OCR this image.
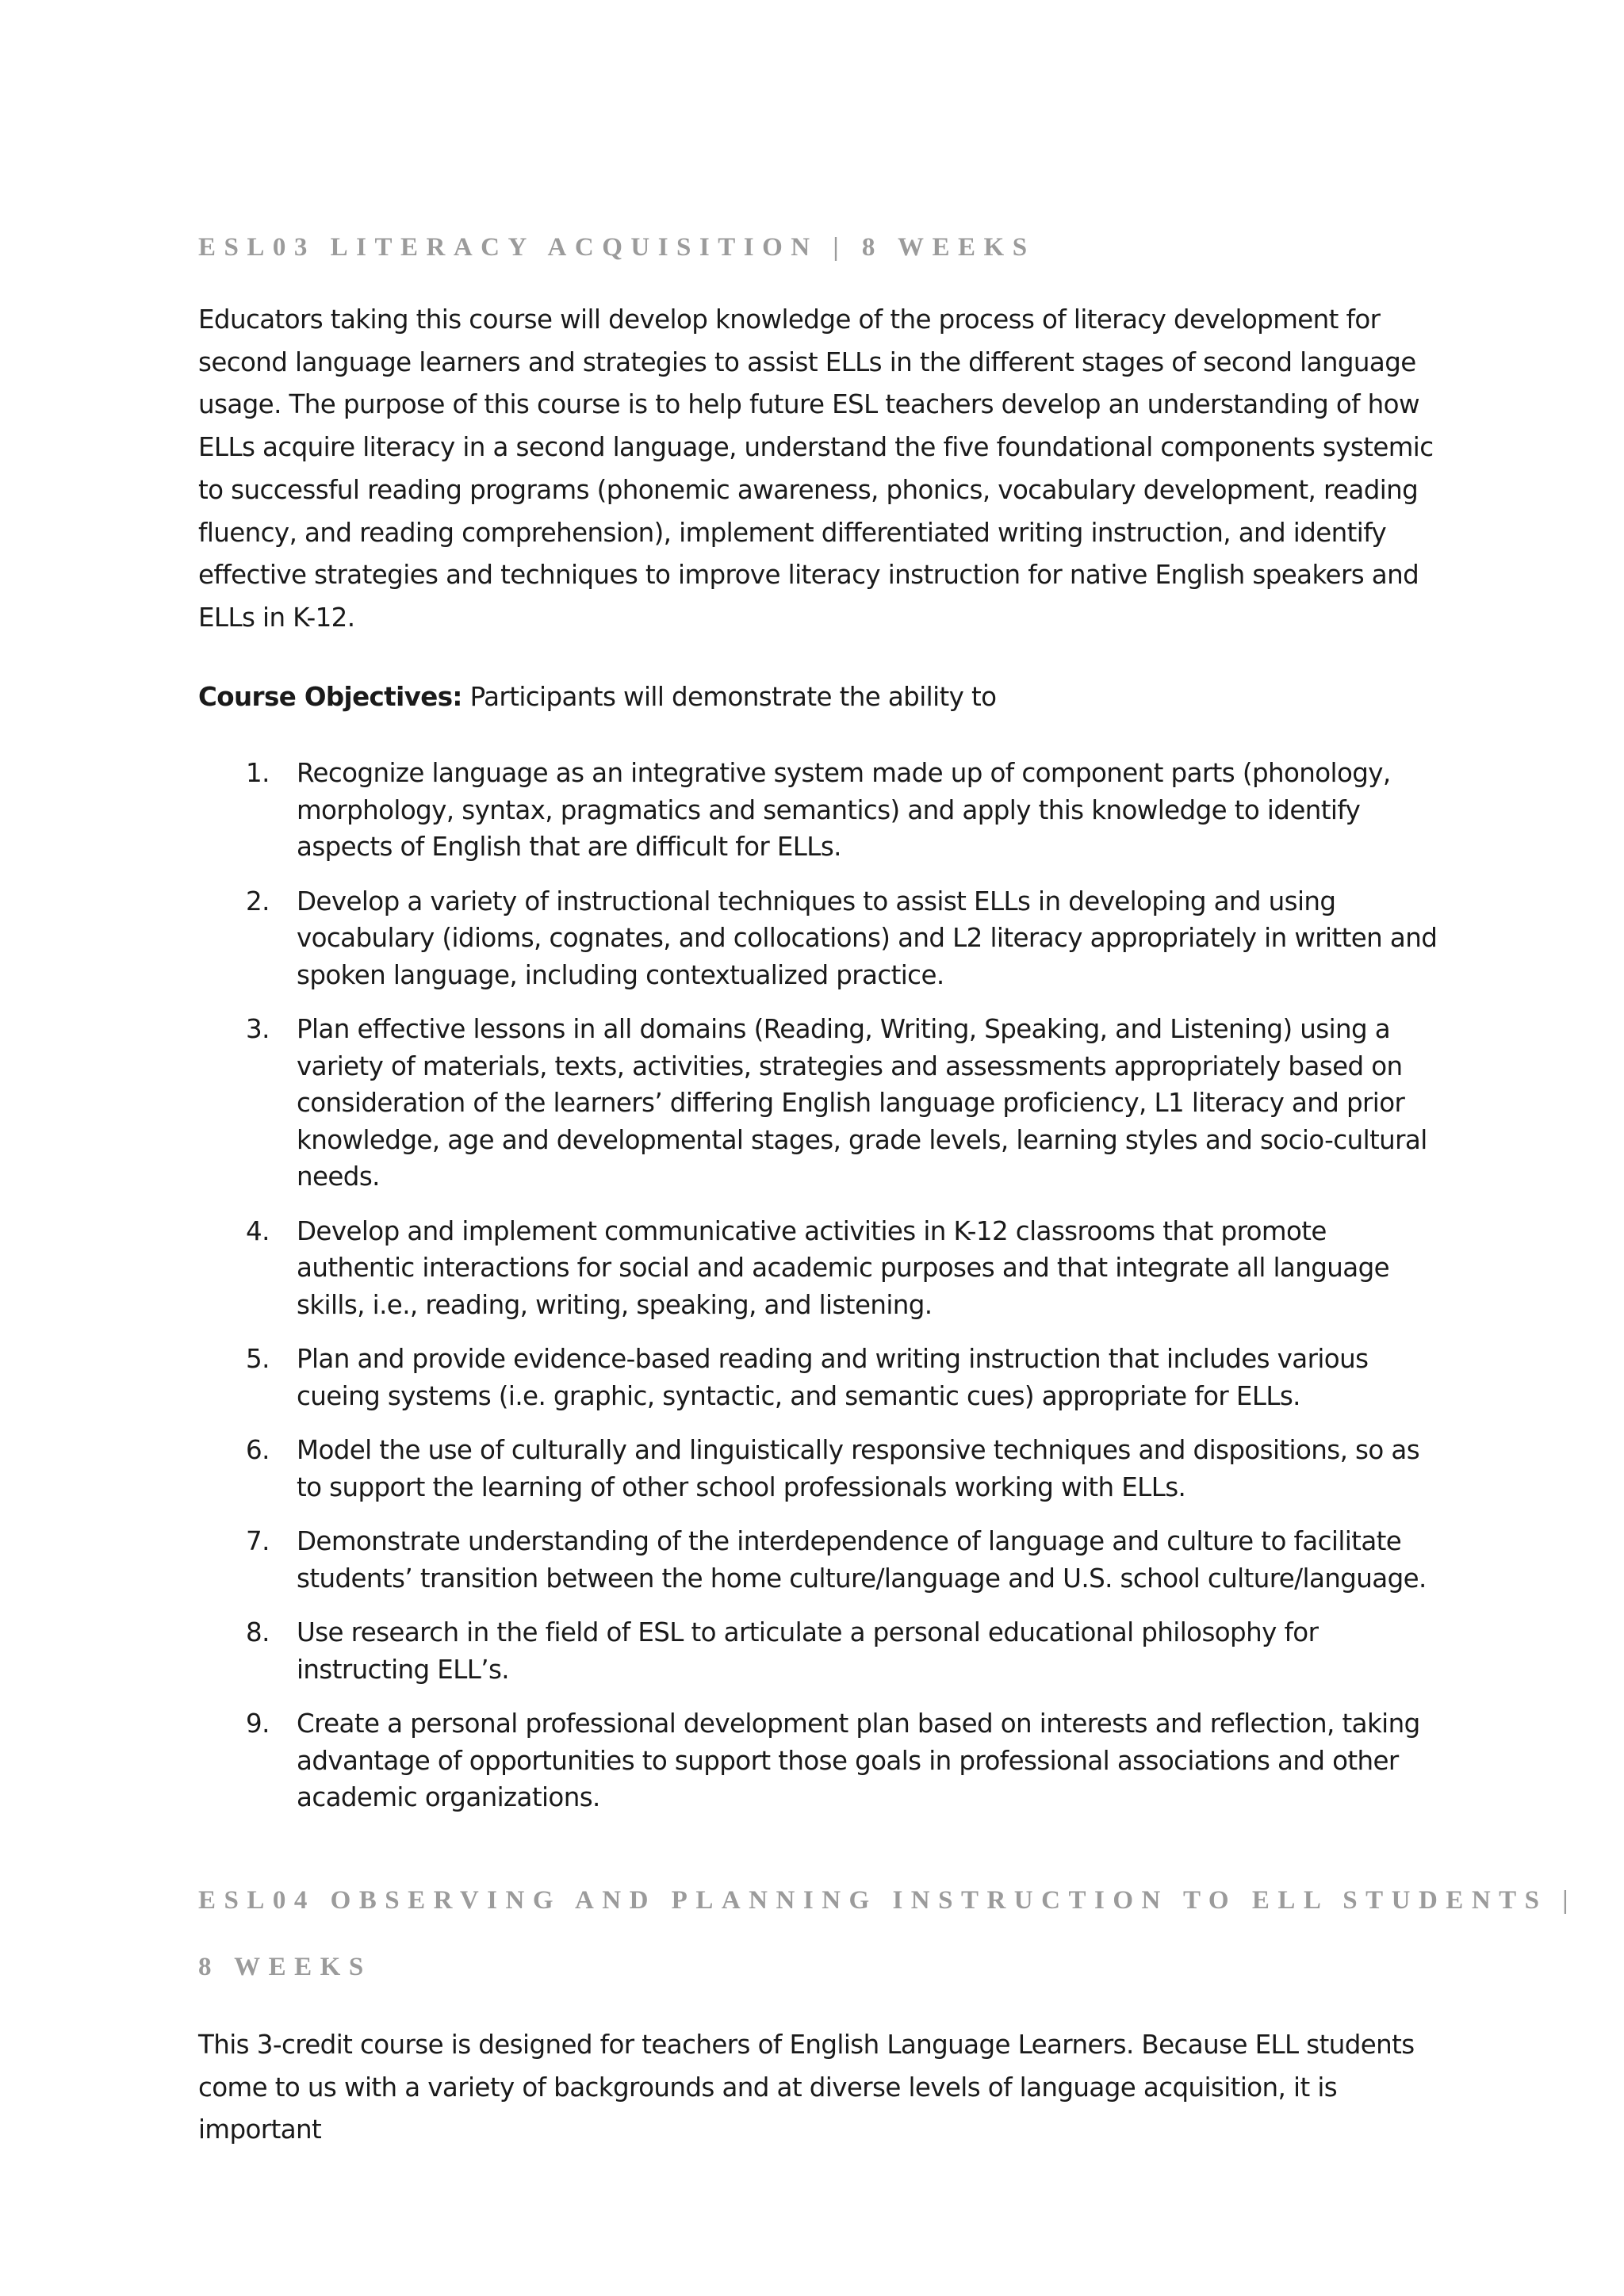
ESL03 LITERACY ACQUISITION | 8 WEEKS

Educators taking this course will develop knowledge of the process of literacy development for second language learners and strategies to assist ELLs in the different stages of second language usage. The purpose of this course is to help future ESL teachers develop an understanding of how ELLs acquire literacy in a second language, understand the five foundational components systemic to successful reading programs (phonemic awareness, phonics, vocabulary development, reading fluency, and reading comprehension), implement differentiated writing instruction, and identify effective strategies and techniques to improve literacy instruction for native English speakers and ELLs in K-12.

Course Objectives: Participants will demonstrate the ability to

1.	Recognize language as an integrative system made up of component parts (phonology, morphology, syntax, pragmatics and semantics) and apply this knowledge to identify aspects of English that are difficult for ELLs.
2.	Develop a variety of instructional techniques to assist ELLs in developing and using vocabulary (idioms, cognates, and collocations) and L2 literacy appropriately in written and spoken language, including contextualized practice.
3.	Plan effective lessons in all domains (Reading, Writing, Speaking, and Listening) using a variety of materials, texts, activities, strategies and assessments appropriately based on consideration of the learners’ differing English language proficiency, L1 literacy and prior knowledge, age and developmental stages, grade levels, learning styles and socio-cultural needs.
4.	Develop and implement communicative activities in K-12 classrooms that promote authentic interactions for social and academic purposes and that integrate all language skills, i.e., reading, writing, speaking, and listening.
5.	Plan and provide evidence-based reading and writing instruction that includes various cueing systems (i.e. graphic, syntactic, and semantic cues) appropriate for ELLs.
6.	Model the use of culturally and linguistically responsive techniques and dispositions, so as to support the learning of other school professionals working with ELLs.
7.	Demonstrate understanding of the interdependence of language and culture to facilitate students’ transition between the home culture/language and U.S. school culture/language.
8.	Use research in the field of ESL to articulate a personal educational philosophy for instructing ELL’s.
9.	Create a personal professional development plan based on interests and reflection, taking advantage of opportunities to support those goals in professional associations and other academic organizations.
ESL04 OBSERVING AND PLANNING INSTRUCTION TO ELL STUDENTS |
8 WEEKS

This 3-credit course is designed for teachers of English Language Learners. Because ELL students come to us with a variety of backgrounds and at diverse levels of language acquisition, it is important
